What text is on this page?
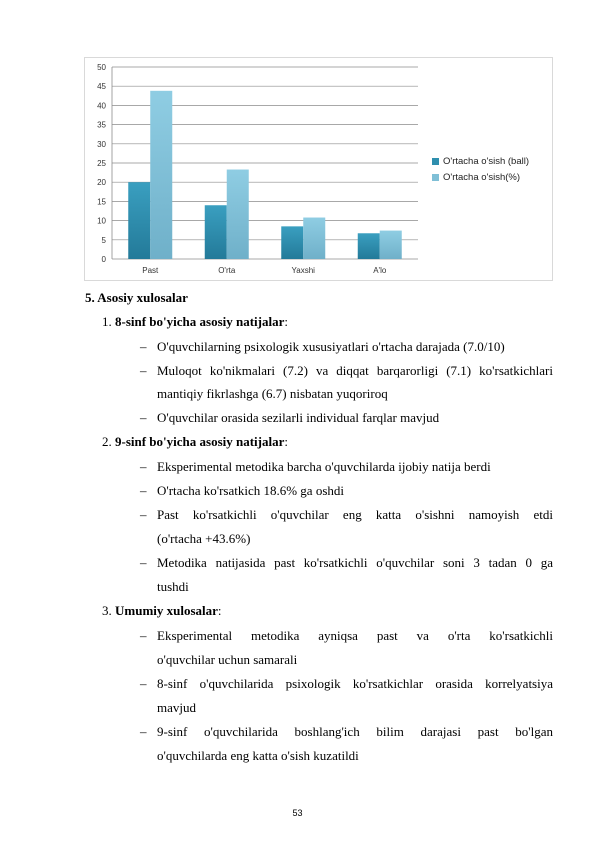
0
5
10
15
20
25
30
35
40
45
50
Past	O'rta	Yaxshi	A'lo
O'rtacha o'sish (ball)
O'rtacha o'sish(%)
5. Asosiy xulosalar
1. 8-sinf bo'yicha asosiy natijalar:
– O'quvchilarning psixologik xususiyatlari o'rtacha darajada (7.0/10)
– Muloqot ko'nikmalari (7.2) va diqqat barqarorligi (7.1) ko'rsatkichlari
mantiqiy fikrlashga (6.7) nisbatan yuqoriroq
– O'quvchilar orasida sezilarli individual farqlar mavjud
2. 9-sinf bo'yicha asosiy natijalar:
– Eksperimental metodika barcha o'quvchilarda ijobiy natija berdi
– O'rtacha ko'rsatkich 18.6% ga oshdi
– Past ko'rsatkichli o'quvchilar eng katta o'sishni namoyish etdi
(o'rtacha +43.6%)
– Metodika natijasida past ko'rsatkichli o'quvchilar soni 3 tadan 0 ga
tushdi
3. Umumiy xulosalar:
– Eksperimental metodika ayniqsa past va o'rta ko'rsatkichli
o'quvchilar uchun samarali
– 8-sinf o'quvchilarida psixologik ko'rsatkichlar orasida korrelyatsiya
mavjud
– 9-sinf o'quvchilarida boshlang'ich bilim darajasi past bo'lgan
o'quvchilarda eng katta o'sish kuzatildi
53
